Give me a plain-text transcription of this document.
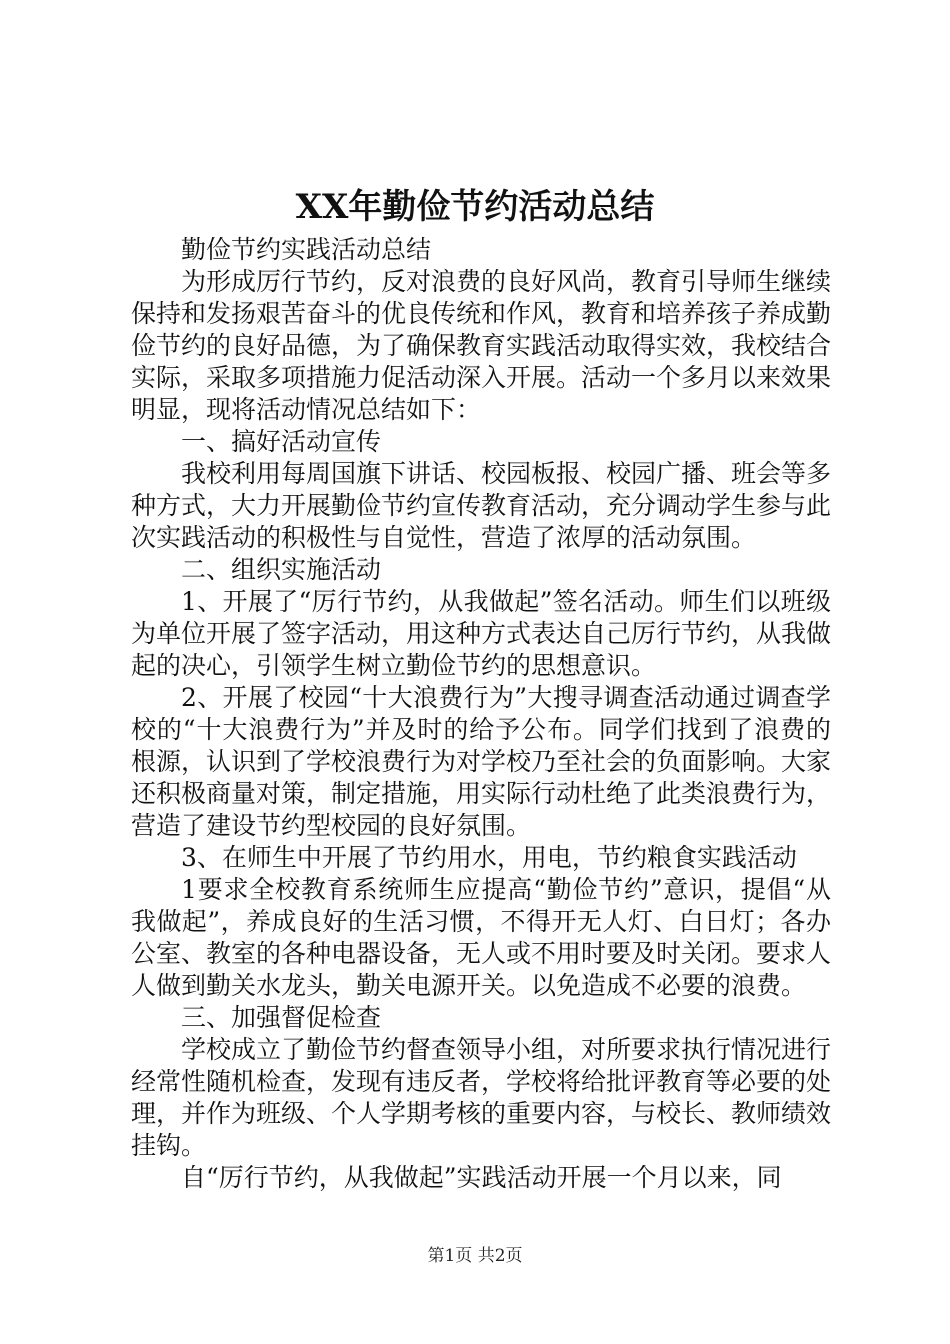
XX年勤俭节约活动总结

勤俭节约实践活动总结

为形成厉行节约，反对浪费的良好风尚，教育引导师生继续保持和发扬艰苦奋斗的优良传统和作风，教育和培养孩子养成勤俭节约的良好品德，为了确保教育实践活动取得实效，我校结合实际，采取多项措施力促活动深入开展。活动一个多月以来效果明显，现将活动情况总结如下：

一、搞好活动宣传

我校利用每周国旗下讲话、校园板报、校园广播、班会等多种方式，大力开展勤俭节约宣传教育活动，充分调动学生参与此次实践活动的积极性与自觉性，营造了浓厚的活动氛围。

二、组织实施活动

1、开展了“厉行节约，从我做起”签名活动。师生们以班级为单位开展了签字活动，用这种方式表达自己厉行节约，从我做起的决心，引领学生树立勤俭节约的思想意识。

2、开展了校园“十大浪费行为”大搜寻调查活动通过调查学校的“十大浪费行为”并及时的给予公布。同学们找到了浪费的根源，认识到了学校浪费行为对学校乃至社会的负面影响。大家还积极商量对策，制定措施，用实际行动杜绝了此类浪费行为，营造了建设节约型校园的良好氛围。

3、在师生中开展了节约用水，用电，节约粮食实践活动

1要求全校教育系统师生应提高“勤俭节约”意识，提倡“从我做起”，养成良好的生活习惯，不得开无人灯、白日灯；各办公室、教室的各种电器设备，无人或不用时要及时关闭。要求人人做到勤关水龙头，勤关电源开关。以免造成不必要的浪费。

三、加强督促检查

学校成立了勤俭节约督查领导小组，对所要求执行情况进行经常性随机检查，发现有违反者，学校将给批评教育等必要的处理，并作为班级、个人学期考核的重要内容，与校长、教师绩效挂钩。

自“厉行节约，从我做起”实践活动开展一个月以来，同

第1页 共2页
